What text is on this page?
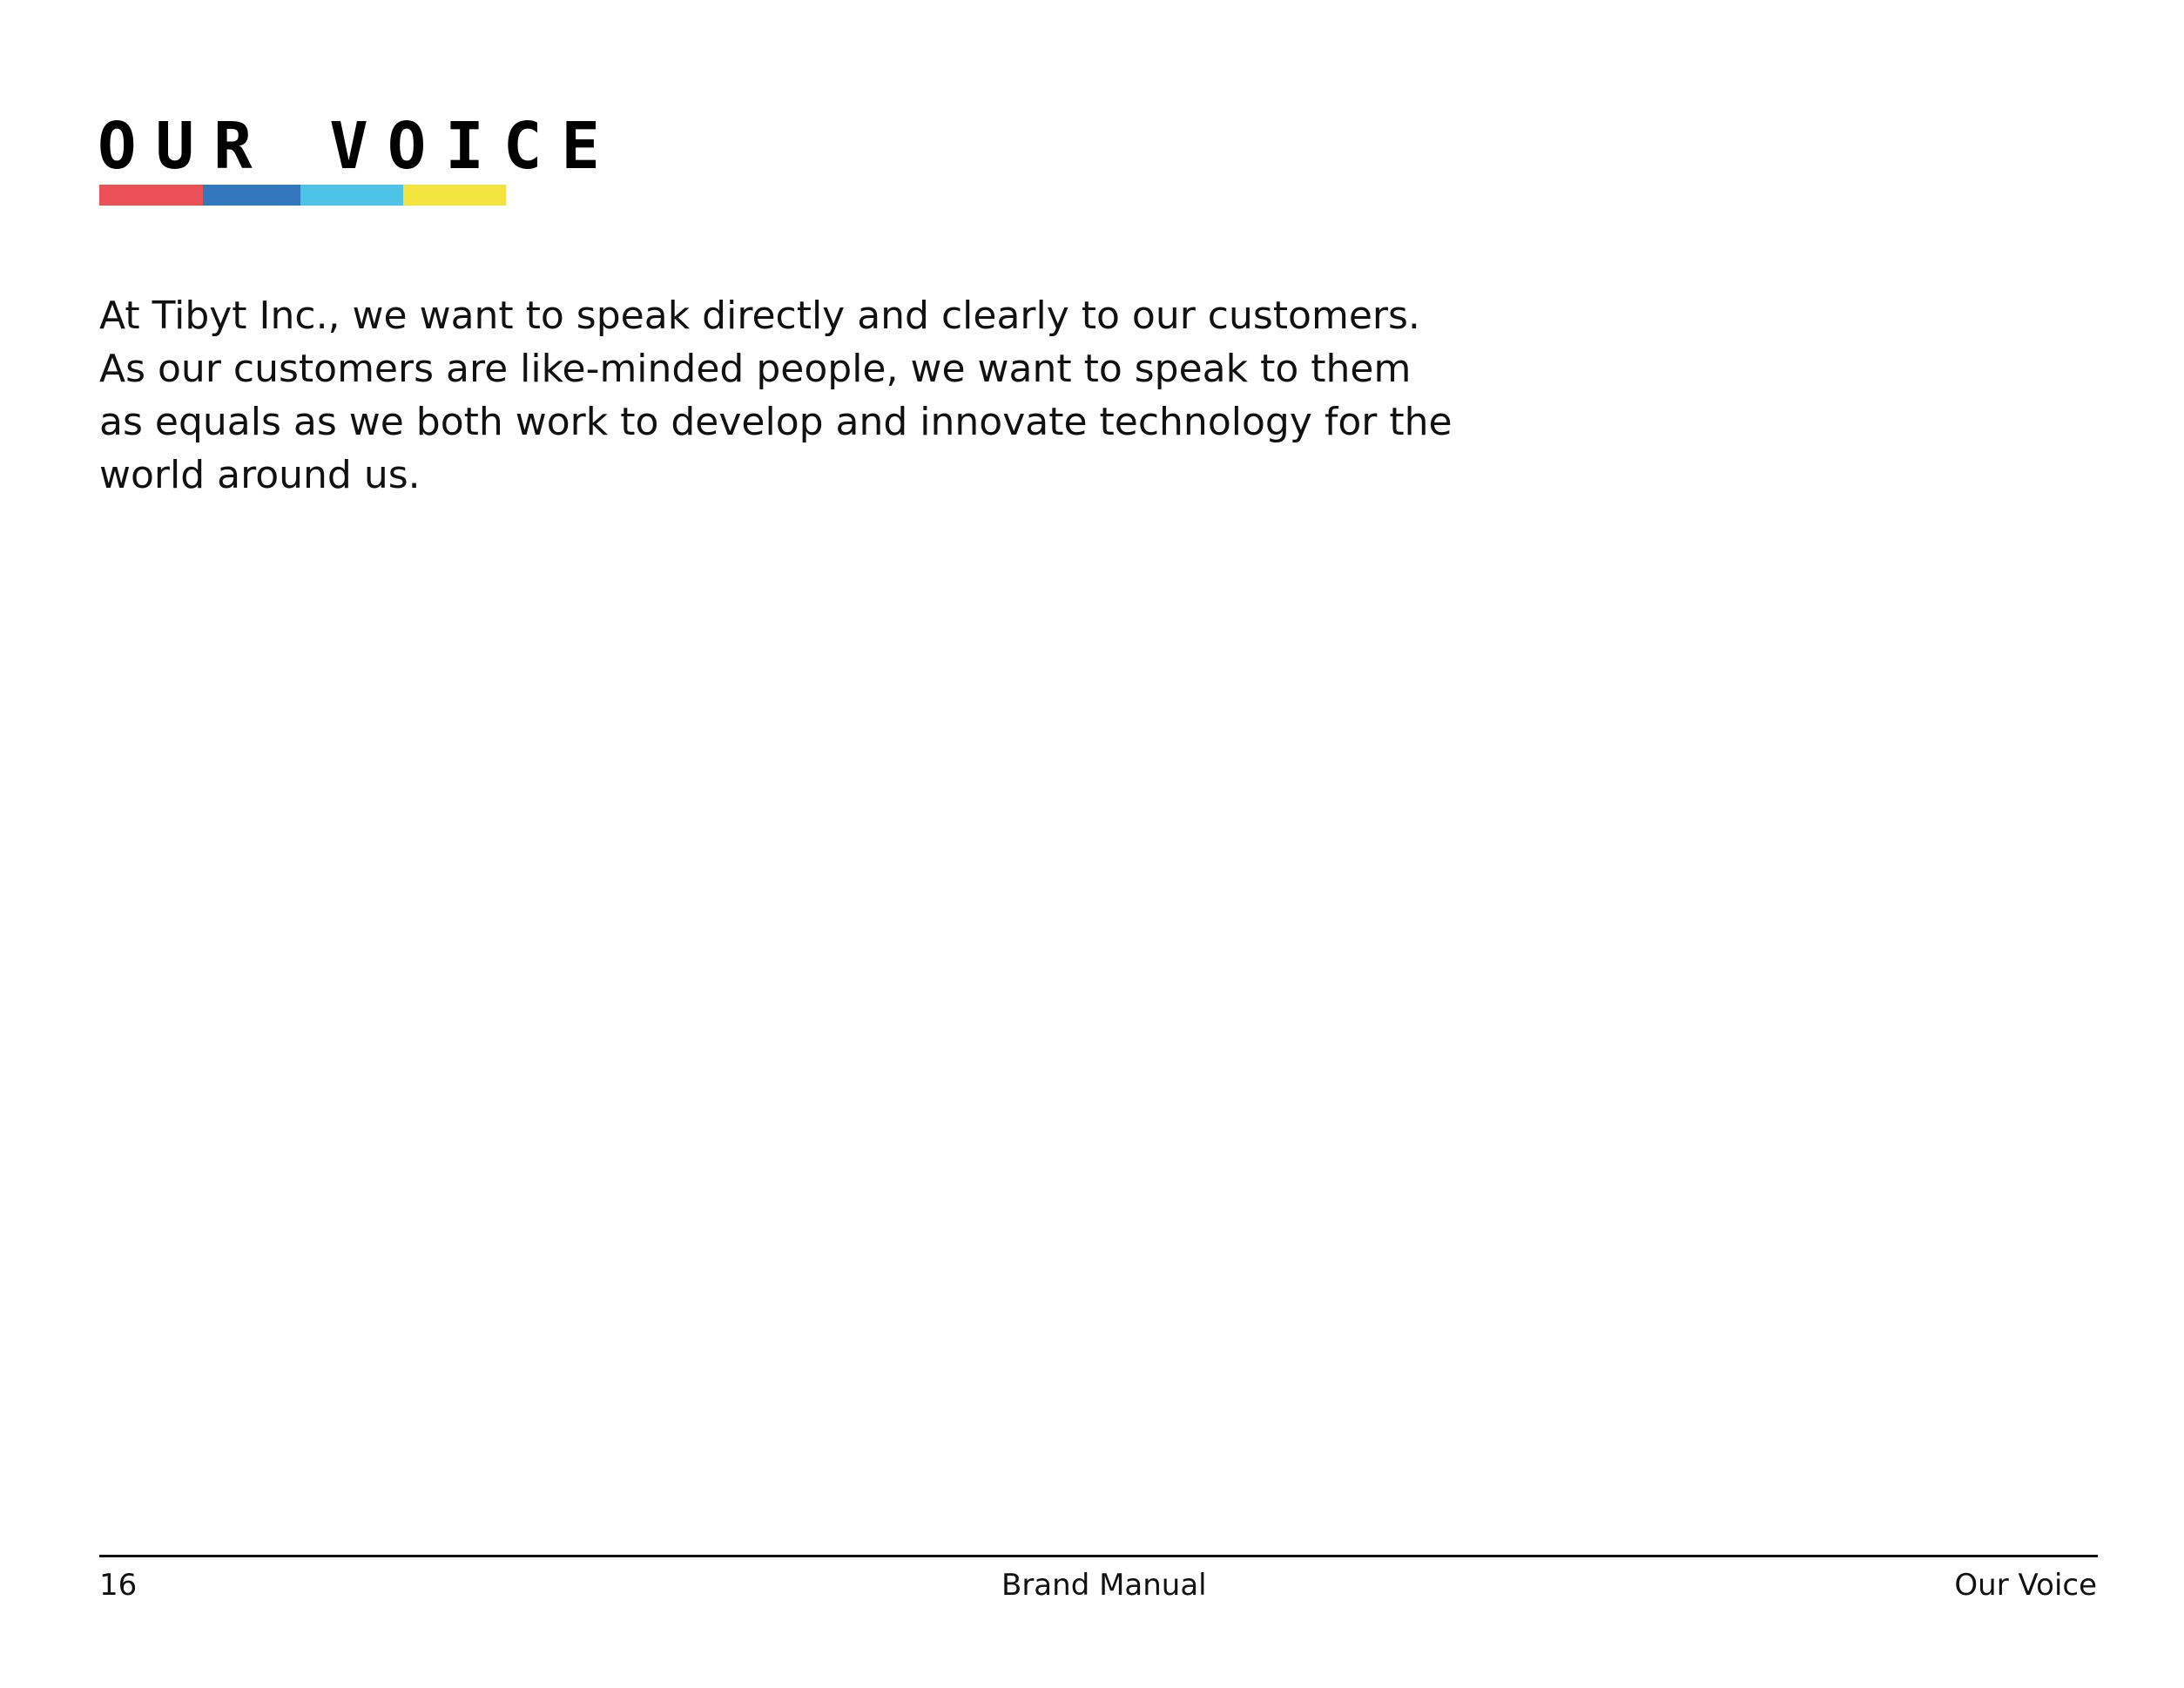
OUR VOICE

At Tibyt Inc., we want to speak directly and clearly to our customers.
As our customers are like-minded people, we want to speak to them
as equals as we both work to develop and innovate technology for the
world around us.

16	Brand Manual	Our Voice
